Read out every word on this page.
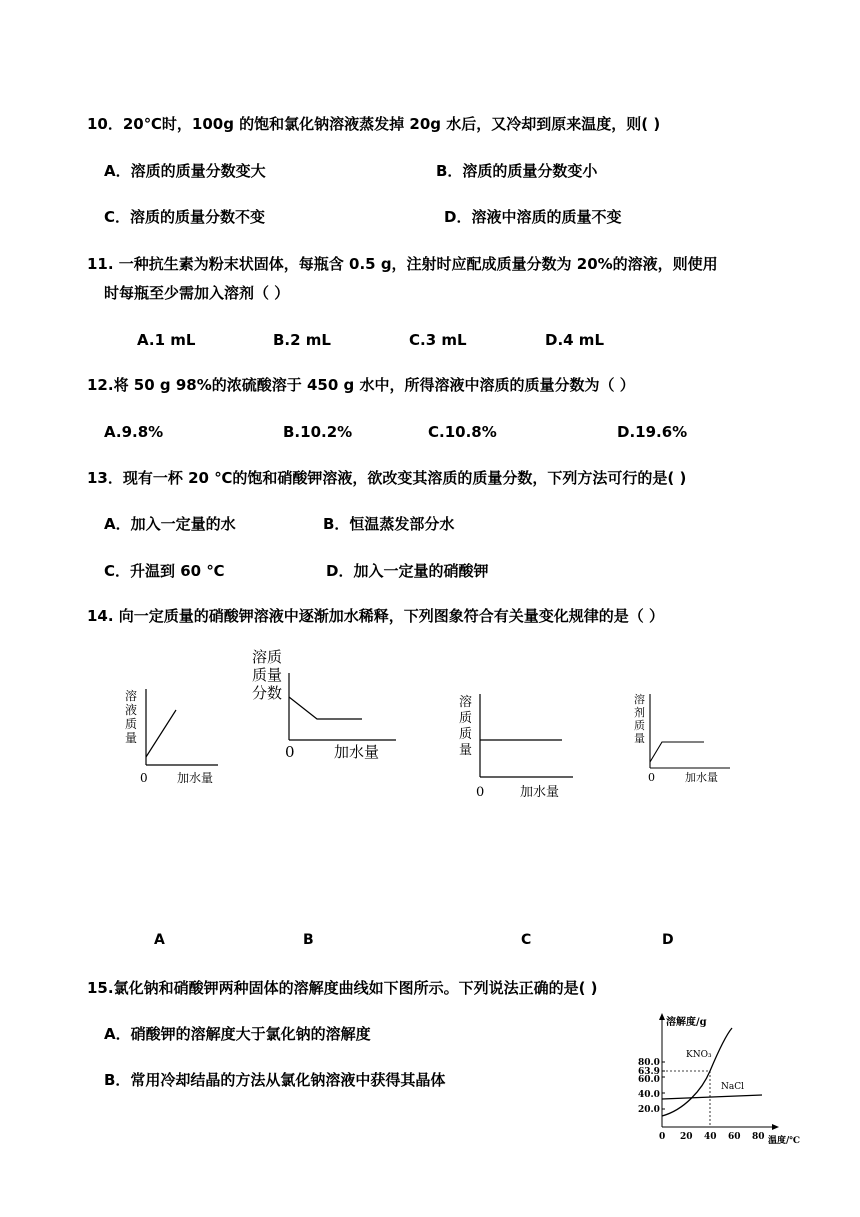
10．20℃时，100g 的饱和氯化钠溶液蒸发掉 20g 水后，又冷却到原来温度，则( )
A．溶质的质量分数变大	B．溶质的质量分数变小
C．溶质的质量分数不变	D．溶液中溶质的质量不变
11. 一种抗生素为粉末状固体，每瓶含 0.5 g，注射时应配成质量分数为 20%的溶液，则使用
时每瓶至少需加入溶剂（ ）
A.1 mL	B.2 mL	C.3 mL	D.4 mL
12.将 50 g 98%的浓硫酸溶于 450 g 水中，所得溶液中溶质的质量分数为（ ）
A.9.8%	B.10.2%	C.10.8%	D.19.6%
13．现有一杯 20 ℃的饱和硝酸钾溶液，欲改变其溶质的质量分数，下列方法可行的是( )
A．加入一定量的水	B．恒温蒸发部分水
C．升温到 60 ℃	D．加入一定量的硝酸钾
14. 向一定质量的硝酸钾溶液中逐渐加水稀释，下列图象符合有关量变化规律的是（ ）
溶
液
质
量
0 加水量
溶质
质量
分数
0	加水量
溶
质
质
量
0	加水量
溶
剂
质
量
0	加水量
A	B	C	D
15.氯化钠和硝酸钾两种固体的溶解度曲线如下图所示。下列说法正确的是( )
A．硝酸钾的溶解度大于氯化钠的溶解度
B．常用冷却结晶的方法从氯化钠溶液中获得其晶体
溶解度/g
80.0
63.9
60.0
40.0
20.0
0 20 40 60 80 温度/℃
KNO₃
NaCl
